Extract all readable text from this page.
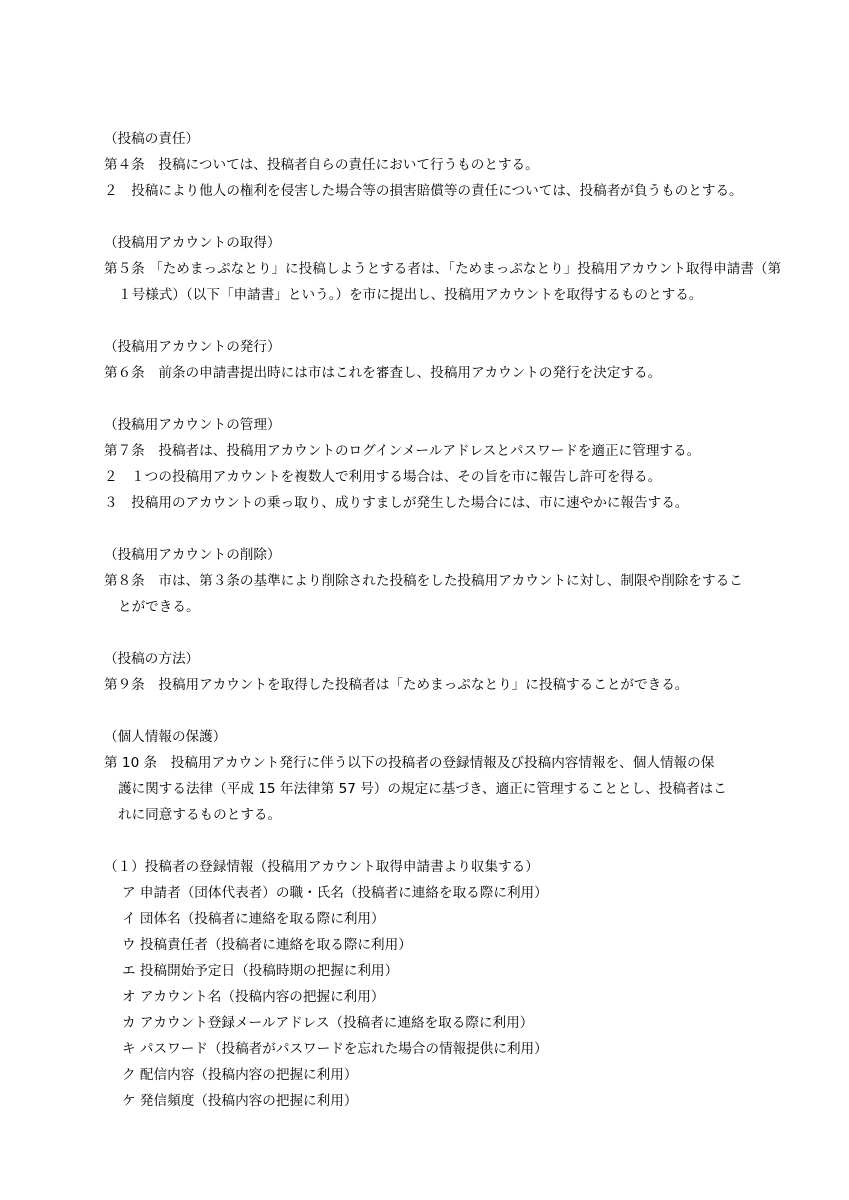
（投稿の責任）
第４条　投稿については、投稿者自らの責任において行うものとする。
２　投稿により他人の権利を侵害した場合等の損害賠償等の責任については、投稿者が負うものとする。
（投稿用アカウントの取得）
第５条 「ためまっぷなとり」に投稿しようとする者は、「ためまっぷなとり」投稿用アカウント取得申請書（第
１号様式）（以下「申請書」という。）を市に提出し、投稿用アカウントを取得するものとする。
（投稿用アカウントの発行）
第６条　前条の申請書提出時には市はこれを審査し、投稿用アカウントの発行を決定する。
（投稿用アカウントの管理）
第７条　投稿者は、投稿用アカウントのログインメールアドレスとパスワードを適正に管理する。
２　１つの投稿用アカウントを複数人で利用する場合は、その旨を市に報告し許可を得る。
３　投稿用のアカウントの乗っ取り、成りすましが発生した場合には、市に速やかに報告する。
（投稿用アカウントの削除）
第８条　市は、第３条の基準により削除された投稿をした投稿用アカウントに対し、制限や削除をするこ
とができる。
（投稿の方法）
第９条　投稿用アカウントを取得した投稿者は「ためまっぷなとり」に投稿することができる。
（個人情報の保護）
第 10 条　投稿用アカウント発行に伴う以下の投稿者の登録情報及び投稿内容情報を、個人情報の保
護に関する法律（平成 15 年法律第 57 号）の規定に基づき、適正に管理することとし、投稿者はこ
れに同意するものとする。
（１）投稿者の登録情報（投稿用アカウント取得申請書より収集する）
ア 申請者（団体代表者）の職・氏名（投稿者に連絡を取る際に利用）
イ 団体名（投稿者に連絡を取る際に利用）
ウ 投稿責任者（投稿者に連絡を取る際に利用）
エ 投稿開始予定日（投稿時期の把握に利用）
オ アカウント名（投稿内容の把握に利用）
カ アカウント登録メールアドレス（投稿者に連絡を取る際に利用）
キ パスワード（投稿者がパスワードを忘れた場合の情報提供に利用）
ク 配信内容（投稿内容の把握に利用）
ケ 発信頻度（投稿内容の把握に利用）
